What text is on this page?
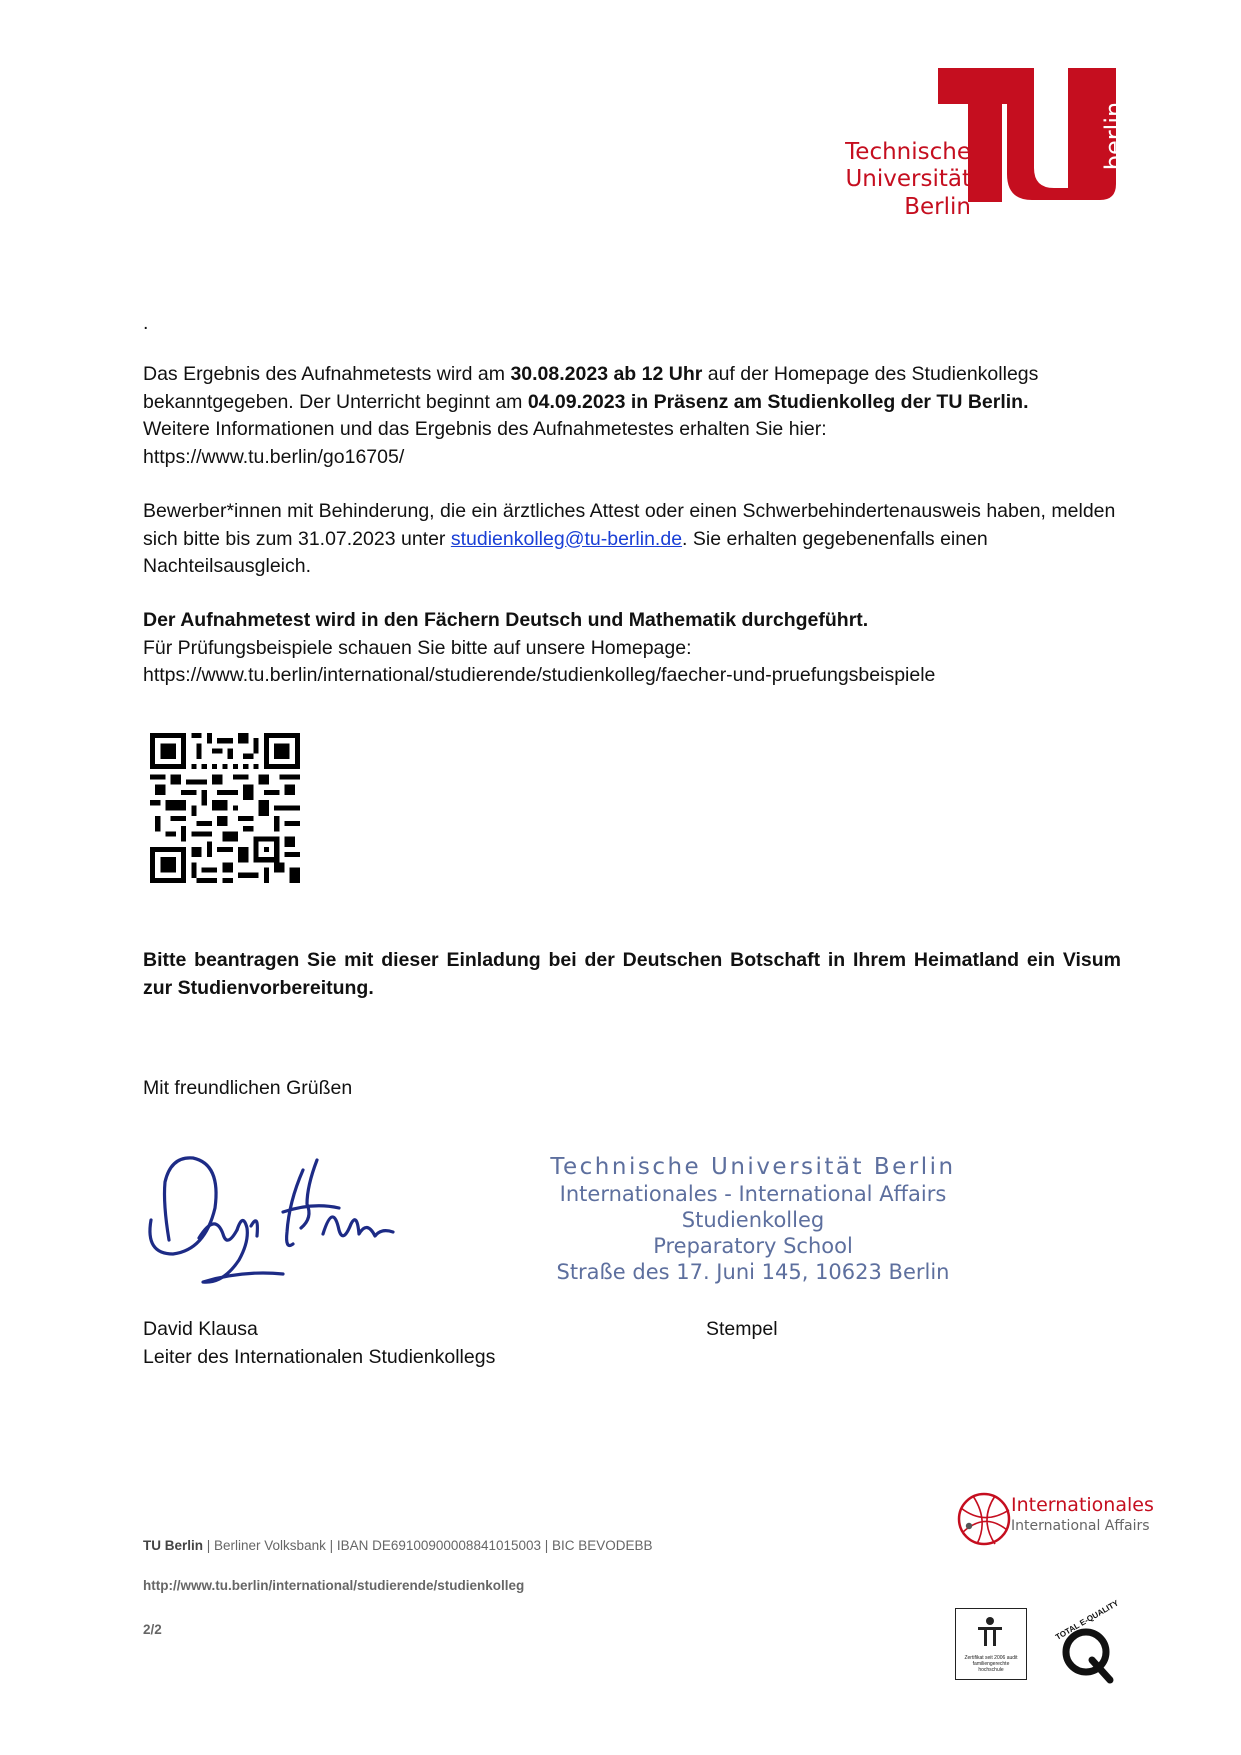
Technische
Universität
Berlin
berlin
.
Das Ergebnis des Aufnahmetests wird am 30.08.2023 ab 12 Uhr auf der Homepage des Studienkollegs bekanntgegeben. Der Unterricht beginnt am 04.09.2023 in Präsenz am Studienkolleg der TU Berlin.
Weitere Informationen und das Ergebnis des Aufnahmetestes erhalten Sie hier:
https://www.tu.berlin/go16705/
Bewerber*innen mit Behinderung, die ein ärztliches Attest oder einen Schwerbehindertenausweis haben, melden sich bitte bis zum 31.07.2023 unter studienkolleg@tu-berlin.de. Sie erhalten gegebenenfalls einen Nachteilsausgleich.
Der Aufnahmetest wird in den Fächern Deutsch und Mathematik durchgeführt.
Für Prüfungsbeispiele schauen Sie bitte auf unsere Homepage:
https://www.tu.berlin/international/studierende/studienkolleg/faecher-und-pruefungsbeispiele
Bitte beantragen Sie mit dieser Einladung bei der Deutschen Botschaft in Ihrem Heimatland ein Visum zur Studienvorbereitung.
Mit freundlichen Grüßen
Technische Universität Berlin
Internationales - International Affairs
Studienkolleg
Preparatory School
Straße des 17. Juni 145, 10623 Berlin
David Klausa
Leiter des Internationalen Studienkollegs
Stempel
Internationales
International Affairs
TU Berlin | Berliner Volksbank | IBAN DE69100900008841015003 | BIC BEVODEBB
http://www.tu.berlin/international/studierende/studienkolleg
2/2
Zertifikat seit 2006 audit familiengerechte hochschule
TOTAL E-QUALITY
